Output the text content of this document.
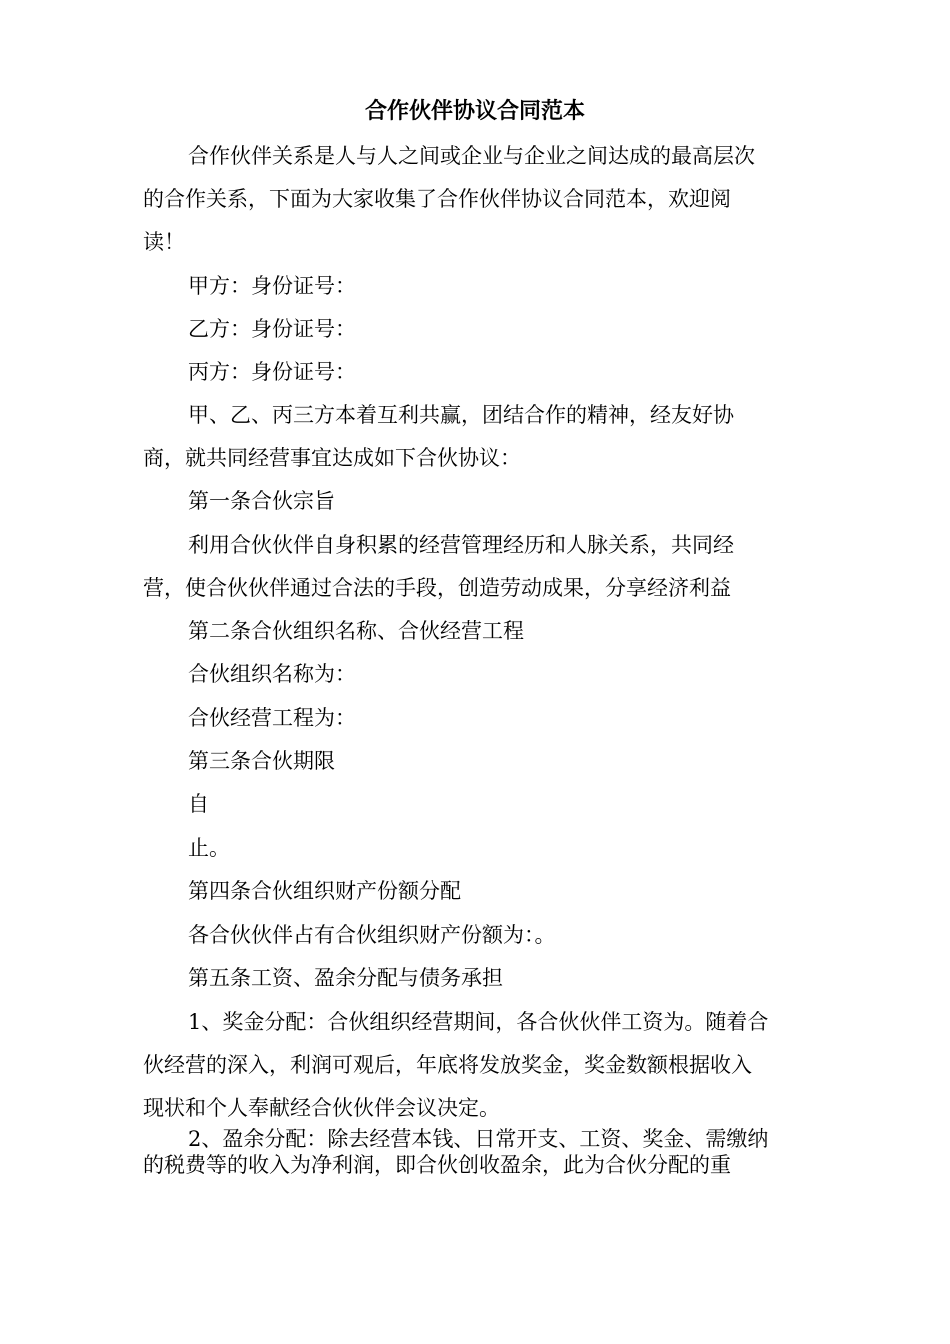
合作伙伴协议合同范本

合作伙伴关系是人与人之间或企业与企业之间达成的最高层次
的合作关系，下面为大家收集了合作伙伴协议合同范本，欢迎阅
读！

甲方：身份证号：

乙方：身份证号：

丙方：身份证号：

甲、乙、丙三方本着互利共赢，团结合作的精神，经友好协
商，就共同经营事宜达成如下合伙协议：

第一条合伙宗旨

利用合伙伙伴自身积累的经营管理经历和人脉关系，共同经
营，使合伙伙伴通过合法的手段，创造劳动成果，分享经济利益

第二条合伙组织名称、合伙经营工程

合伙组织名称为：

合伙经营工程为：

第三条合伙期限

自

止。

第四条合伙组织财产份额分配

各合伙伙伴占有合伙组织财产份额为：。

第五条工资、盈余分配与债务承担

1、奖金分配：合伙组织经营期间，各合伙伙伴工资为。随着合
伙经营的深入，利润可观后，年底将发放奖金，奖金数额根据收入
现状和个人奉献经合伙伙伴会议决定。

2、盈余分配：除去经营本钱、日常开支、工资、奖金、需缴纳
的税费等的收入为净利润，即合伙创收盈余，此为合伙分配的重
